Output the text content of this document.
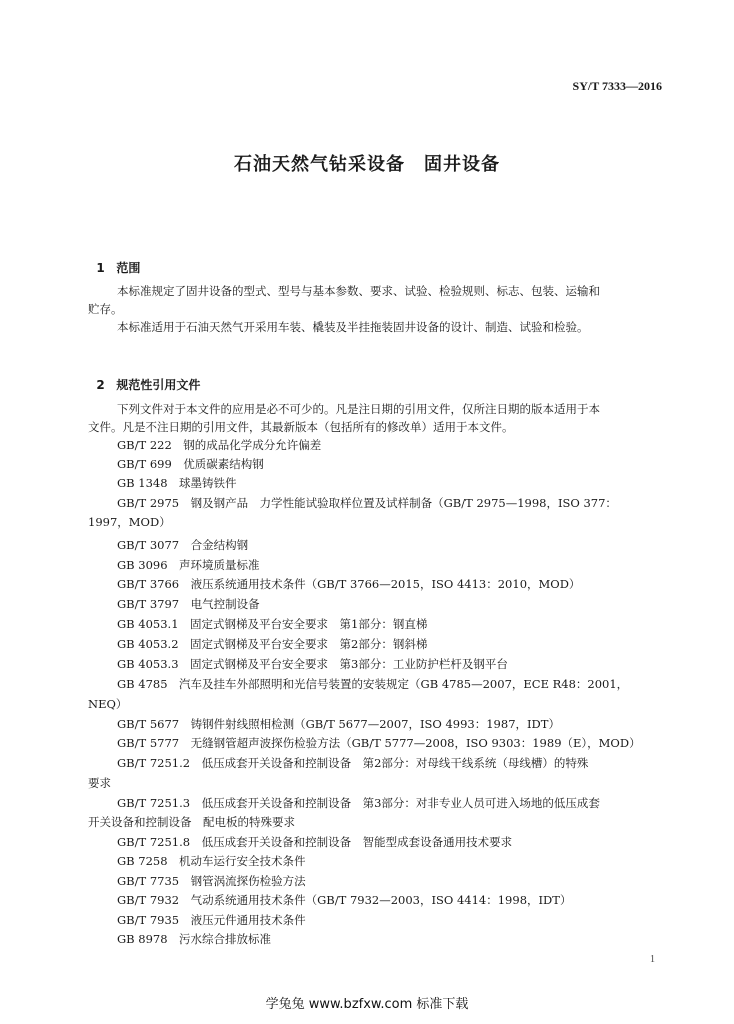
SY/T 7333—2016
石油天然气钻采设备　固井设备

1 范围

本标准规定了固井设备的型式、型号与基本参数、要求、试验、检验规则、标志、包装、运输和
贮存。
本标准适用于石油天然气开采用车装、橇装及半挂拖装固井设备的设计、制造、试验和检验。

2 规范性引用文件

下列文件对于本文件的应用是必不可少的。凡是注日期的引用文件，仅所注日期的版本适用于本
文件。凡是不注日期的引用文件，其最新版本（包括所有的修改单）适用于本文件。
GB/T 222　钢的成品化学成分允许偏差
GB/T 699　优质碳素结构钢
GB 1348　球墨铸铁件
GB/T 2975　钢及钢产品　力学性能试验取样位置及试样制备（GB/T 2975—1998，ISO 377：
1997，MOD）
GB/T 3077　合金结构钢
GB 3096　声环境质量标准
GB/T 3766　液压系统通用技术条件（GB/T 3766—2015，ISO 4413：2010，MOD）
GB/T 3797　电气控制设备
GB 4053.1　固定式钢梯及平台安全要求　第1部分：钢直梯
GB 4053.2　固定式钢梯及平台安全要求　第2部分：钢斜梯
GB 4053.3　固定式钢梯及平台安全要求　第3部分：工业防护栏杆及钢平台
GB 4785　汽车及挂车外部照明和光信号装置的安装规定（GB 4785—2007，ECE R48：2001，
NEQ）
GB/T 5677　铸钢件射线照相检测（GB/T 5677—2007，ISO 4993：1987，IDT）
GB/T 5777　无缝钢管超声波探伤检验方法（GB/T 5777—2008，ISO 9303：1989（E），MOD）
GB/T 7251.2　低压成套开关设备和控制设备　第2部分：对母线干线系统（母线槽）的特殊
要求
GB/T 7251.3　低压成套开关设备和控制设备　第3部分：对非专业人员可进入场地的低压成套
开关设备和控制设备　配电板的特殊要求
GB/T 7251.8　低压成套开关设备和控制设备　智能型成套设备通用技术要求
GB 7258　机动车运行安全技术条件
GB/T 7735　钢管涡流探伤检验方法
GB/T 7932　气动系统通用技术条件（GB/T 7932—2003，ISO 4414：1998，IDT）
GB/T 7935　液压元件通用技术条件
GB 8978　污水综合排放标准
1
学兔兔 www.bzfxw.com 标准下载
